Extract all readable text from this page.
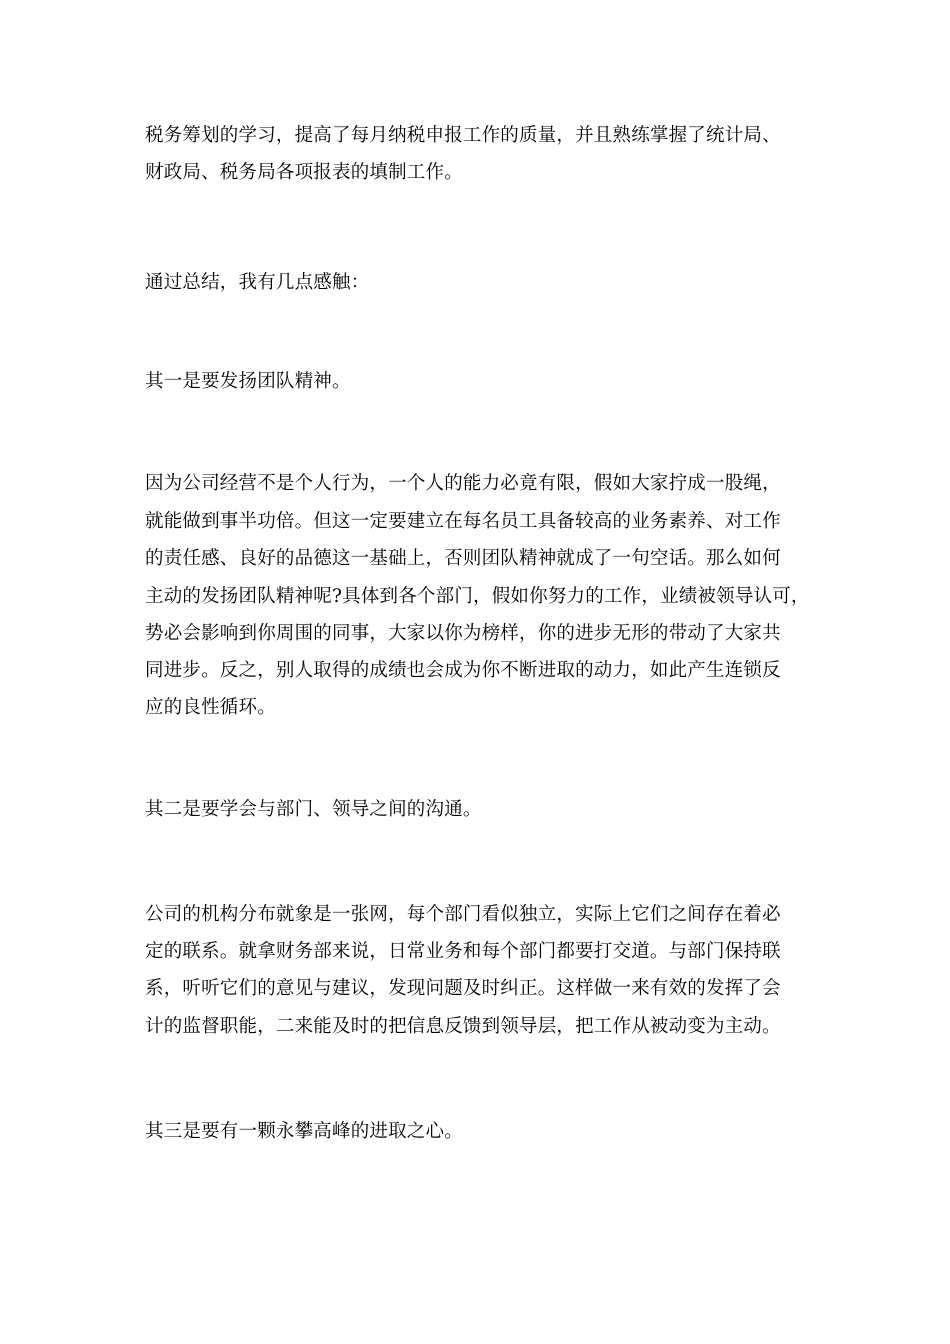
税务筹划的学习，提高了每月纳税申报工作的质量，并且熟练掌握了统计局、
财政局、税务局各项报表的填制工作。
通过总结，我有几点感触：
其一是要发扬团队精神。
因为公司经营不是个人行为，一个人的能力必竟有限，假如大家拧成一股绳，
就能做到事半功倍。但这一定要建立在每名员工具备较高的业务素养、对工作
的责任感、良好的品德这一基础上，否则团队精神就成了一句空话。那么如何
主动的发扬团队精神呢?具体到各个部门，假如你努力的工作，业绩被领导认可，
势必会影响到你周围的同事，大家以你为榜样，你的进步无形的带动了大家共
同进步。反之，别人取得的成绩也会成为你不断进取的动力，如此产生连锁反
应的良性循环。
其二是要学会与部门、领导之间的沟通。
公司的机构分布就象是一张网，每个部门看似独立，实际上它们之间存在着必
定的联系。就拿财务部来说，日常业务和每个部门都要打交道。与部门保持联
系，听听它们的意见与建议，发现问题及时纠正。这样做一来有效的发挥了会
计的监督职能，二来能及时的把信息反馈到领导层，把工作从被动变为主动。
其三是要有一颗永攀高峰的进取之心。
